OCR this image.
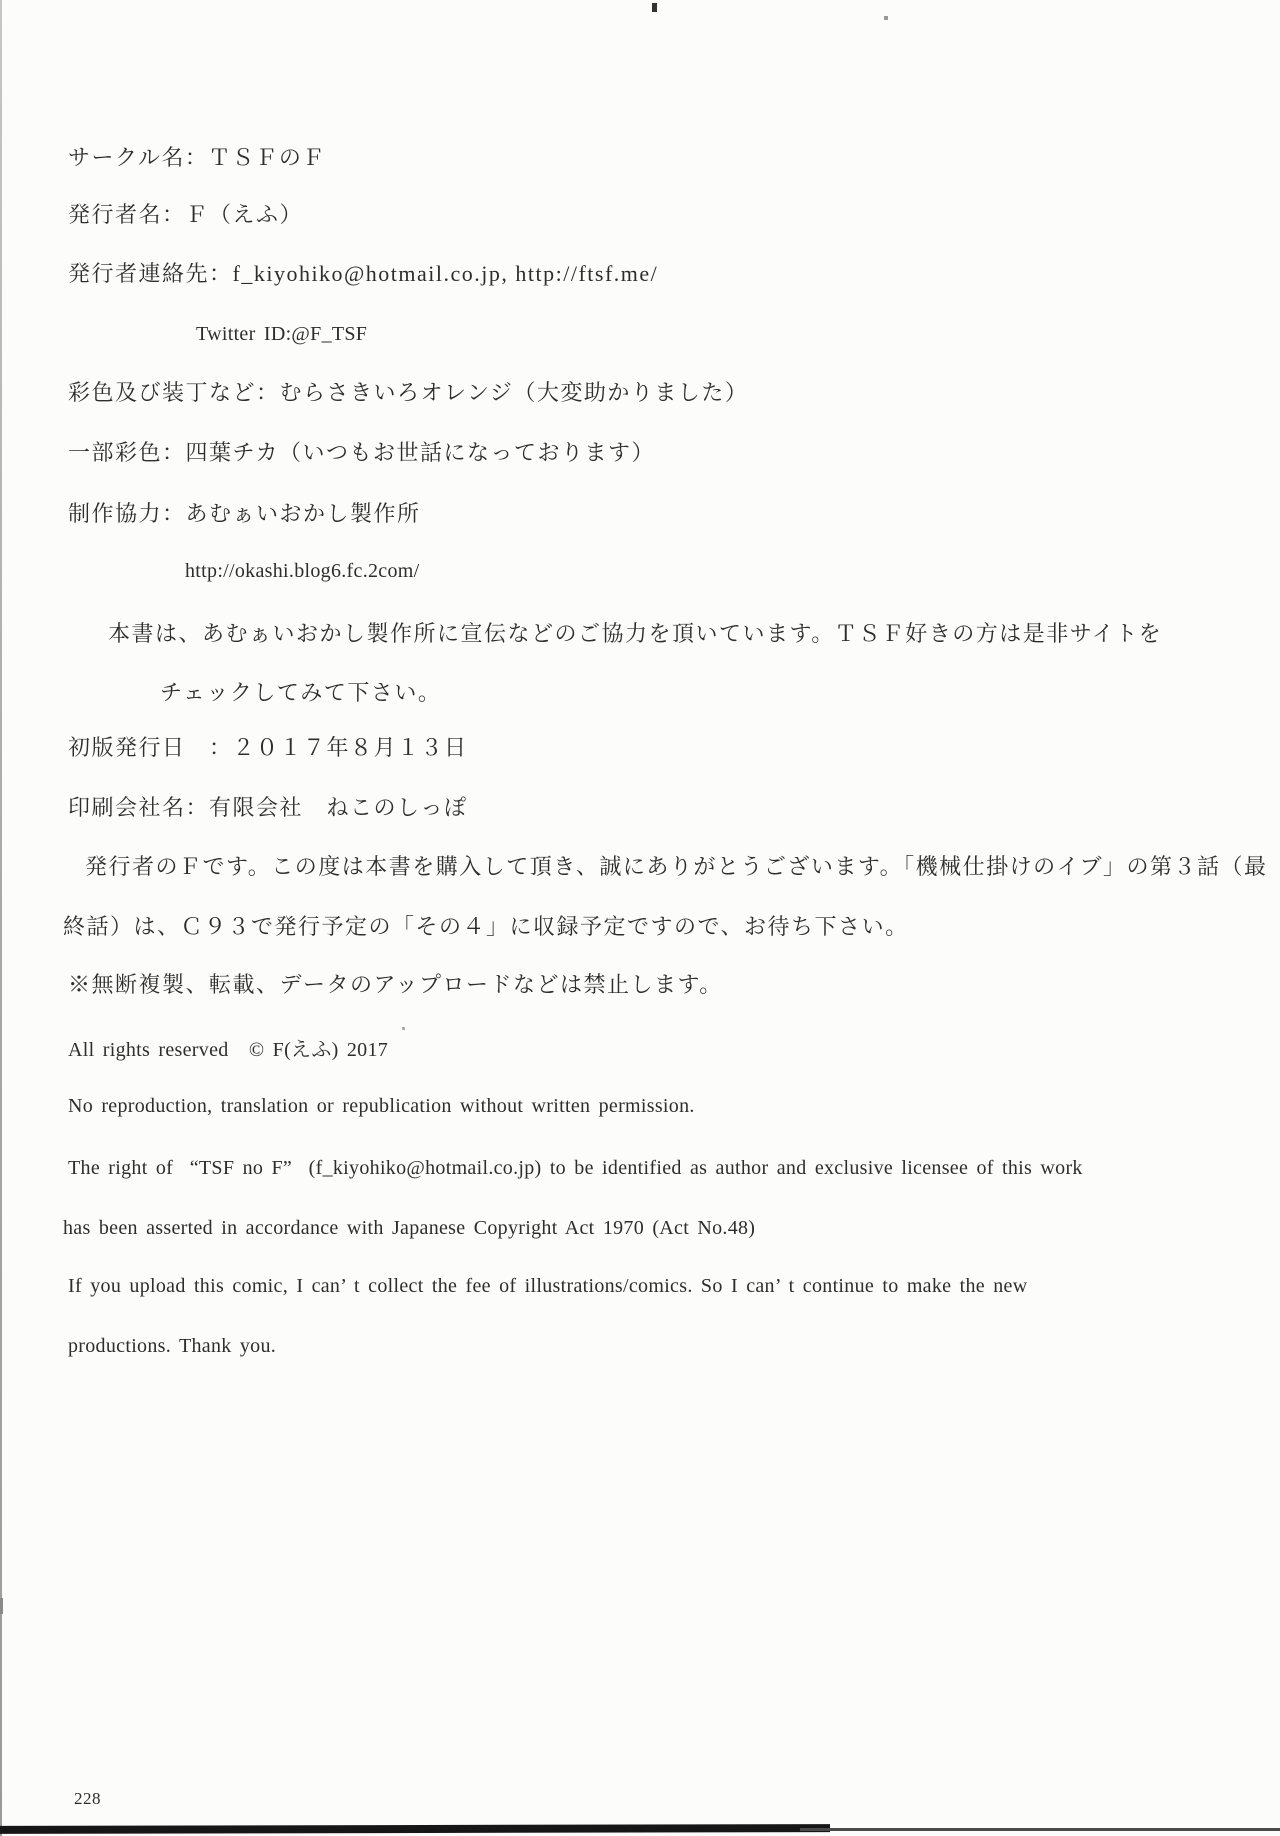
サークル名：ＴＳＦのＦ
発行者名：Ｆ（えふ）
発行者連絡先：f_kiyohiko@hotmail.co.jp, http://ftsf.me/
Twitter ID:@F_TSF
彩色及び装丁など：むらさきいろオレンジ（大変助かりました）
一部彩色：四葉チカ（いつもお世話になっております）
制作協力：あむぁいおかし製作所
http://okashi.blog6.fc.2com/
本書は、あむぁいおかし製作所に宣伝などのご協力を頂いています。ＴＳＦ好きの方は是非サイトを
チェックしてみて下さい。
初版発行日　：２０１７年８月１３日
印刷会社名：有限会社　ねこのしっぽ
発行者のＦです。この度は本書を購入して頂き、誠にありがとうございます。「機械仕掛けのイブ」の第３話（最
終話）は、Ｃ９３で発行予定の「その４」に収録予定ですので、お待ち下さい。
※無断複製、転載、データのアップロードなどは禁止します。
All rights reserved　© F(えふ) 2017
No reproduction, translation or republication without written permission.
The right of  “TSF no F”  (f_kiyohiko@hotmail.co.jp) to be identified as author and exclusive licensee of this work
has been asserted in accordance with Japanese Copyright Act 1970 (Act No.48)
If you upload this comic, I can’ t collect the fee of illustrations/comics. So I can’ t continue to make the new
productions. Thank you.
228
